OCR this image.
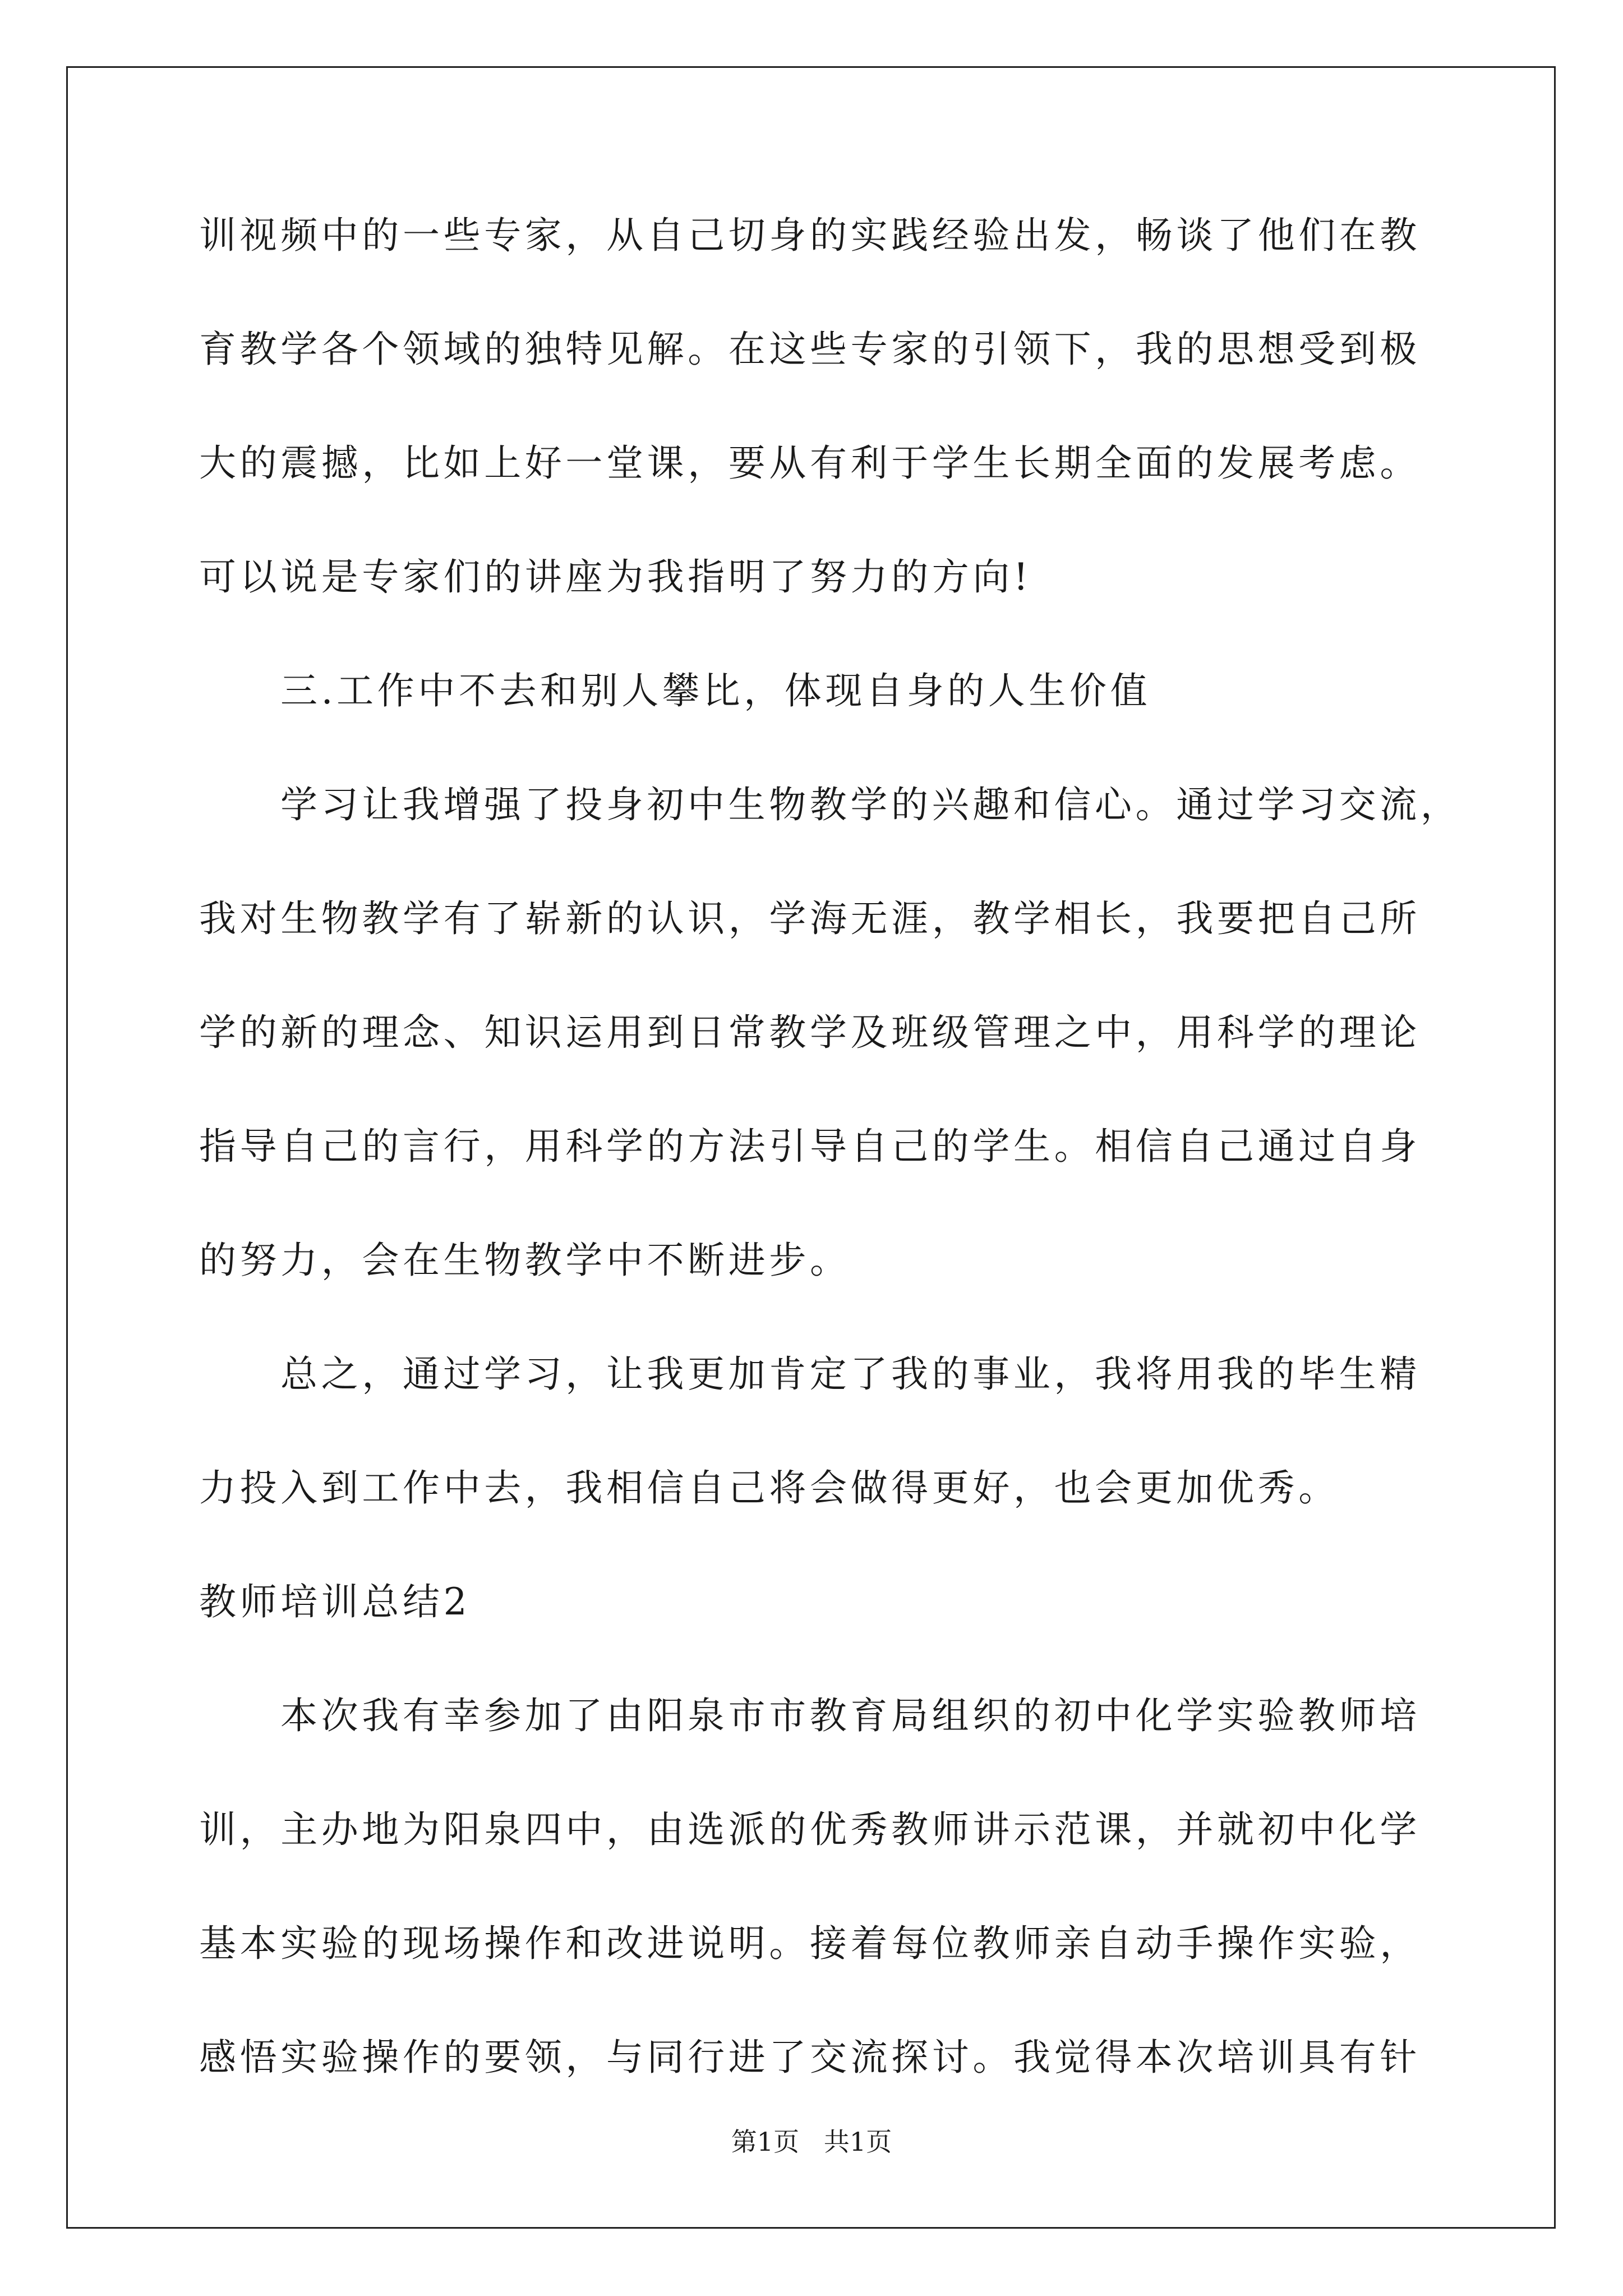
训视频中的一些专家，从自己切身的实践经验出发，畅谈了他们在教
育教学各个领域的独特见解。在这些专家的引领下，我的思想受到极
大的震撼，比如上好一堂课，要从有利于学生长期全面的发展考虑。
可以说是专家们的讲座为我指明了努力的方向!
三.工作中不去和别人攀比，体现自身的人生价值
学习让我增强了投身初中生物教学的兴趣和信心。通过学习交流，
我对生物教学有了崭新的认识，学海无涯，教学相长，我要把自己所
学的新的理念、知识运用到日常教学及班级管理之中，用科学的理论
指导自己的言行，用科学的方法引导自己的学生。相信自己通过自身
的努力，会在生物教学中不断进步。
总之，通过学习，让我更加肯定了我的事业，我将用我的毕生精
力投入到工作中去，我相信自己将会做得更好，也会更加优秀。
教师培训总结2
本次我有幸参加了由阳泉市市教育局组织的初中化学实验教师培
训，主办地为阳泉四中，由选派的优秀教师讲示范课，并就初中化学
基本实验的现场操作和改进说明。接着每位教师亲自动手操作实验，
感悟实验操作的要领，与同行进了交流探讨。我觉得本次培训具有针
第1页   共1页
